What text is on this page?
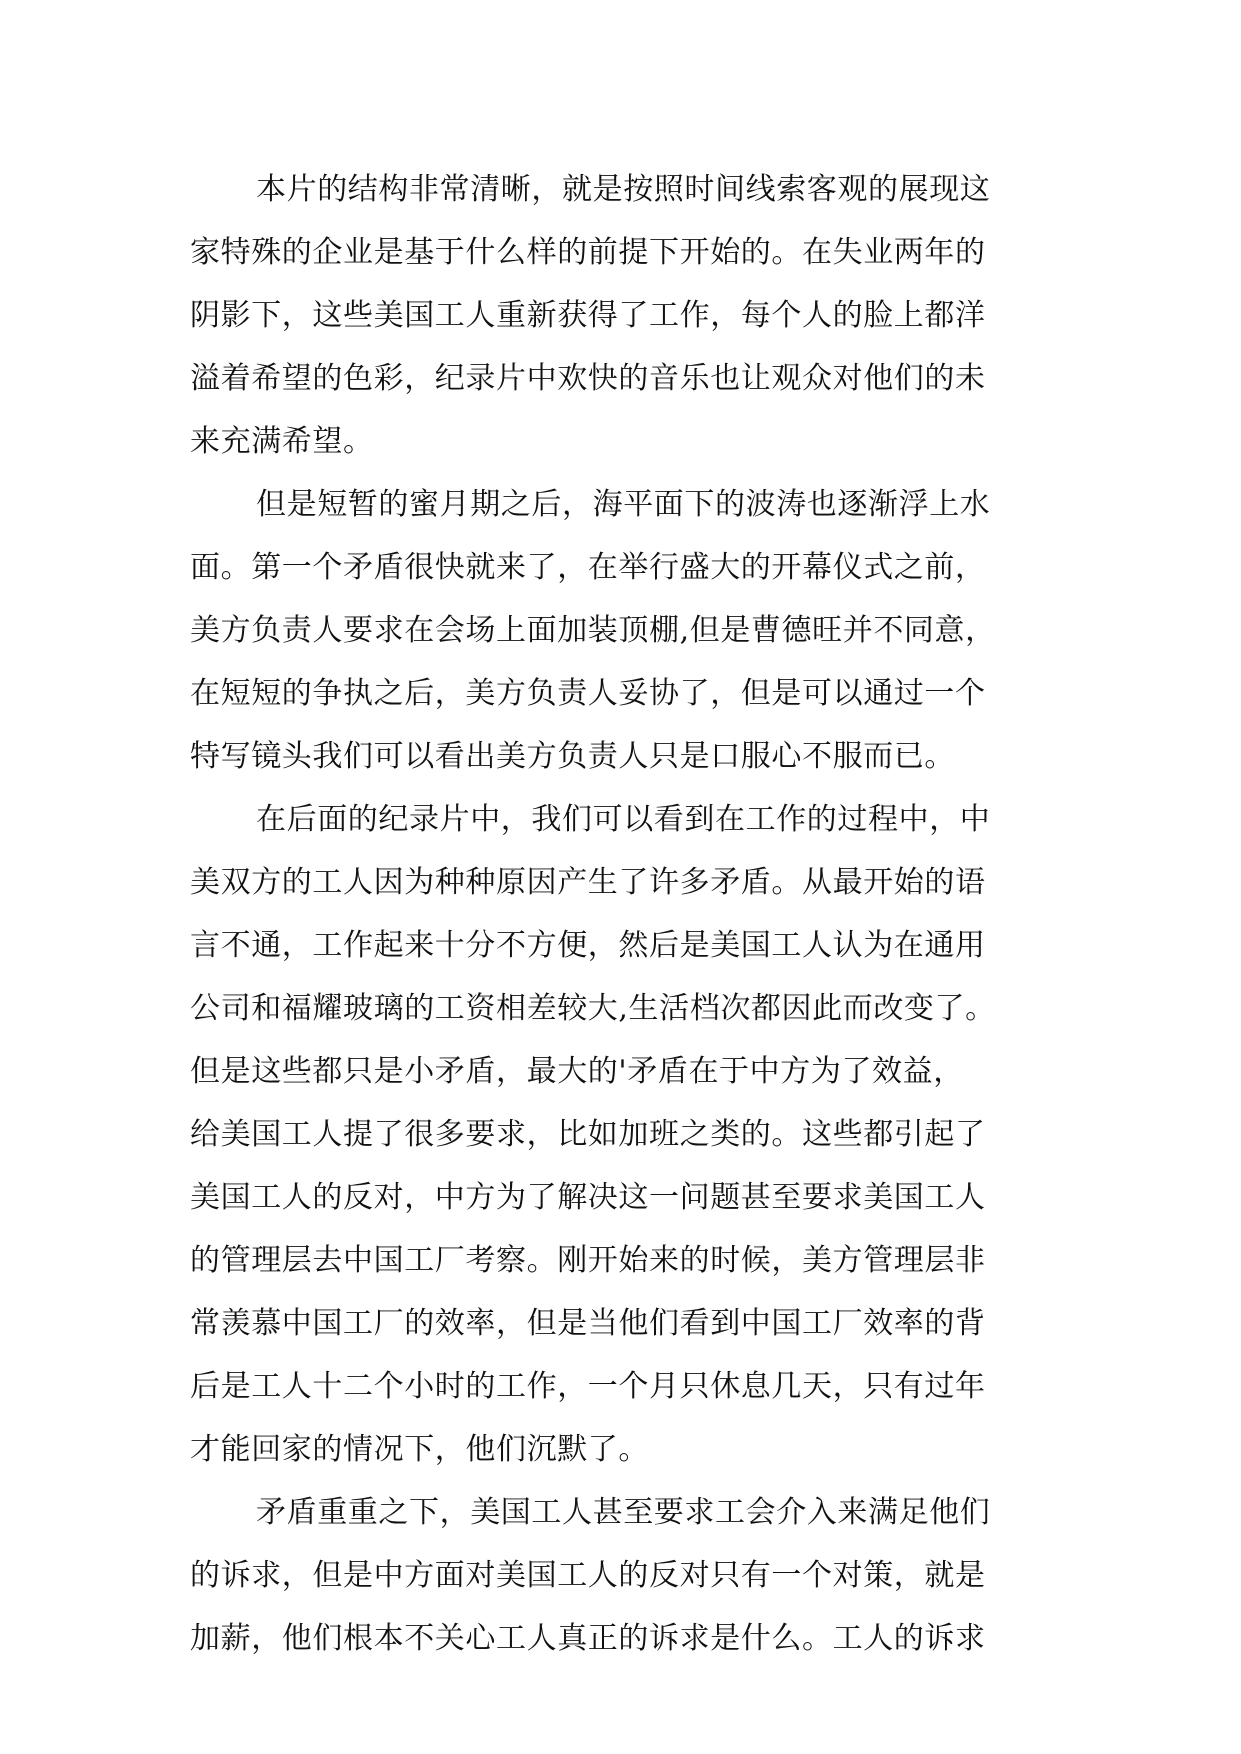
本片的结构非常清晰，就是按照时间线索客观的展现这
家特殊的企业是基于什么样的前提下开始的。在失业两年的
阴影下，这些美国工人重新获得了工作，每个人的脸上都洋
溢着希望的色彩，纪录片中欢快的音乐也让观众对他们的未
来充满希望。
但是短暂的蜜月期之后，海平面下的波涛也逐渐浮上水
面。第一个矛盾很快就来了，在举行盛大的开幕仪式之前，
美方负责人要求在会场上面加装顶棚,但是曹德旺并不同意，
在短短的争执之后，美方负责人妥协了，但是可以通过一个
特写镜头我们可以看出美方负责人只是口服心不服而已。
在后面的纪录片中，我们可以看到在工作的过程中，中
美双方的工人因为种种原因产生了许多矛盾。从最开始的语
言不通，工作起来十分不方便，然后是美国工人认为在通用
公司和福耀玻璃的工资相差较大,生活档次都因此而改变了。
但是这些都只是小矛盾，最大的'矛盾在于中方为了效益，
给美国工人提了很多要求，比如加班之类的。这些都引起了
美国工人的反对，中方为了解决这一问题甚至要求美国工人
的管理层去中国工厂考察。刚开始来的时候，美方管理层非
常羡慕中国工厂的效率，但是当他们看到中国工厂效率的背
后是工人十二个小时的工作，一个月只休息几天，只有过年
才能回家的情况下，他们沉默了。
矛盾重重之下，美国工人甚至要求工会介入来满足他们
的诉求，但是中方面对美国工人的反对只有一个对策，就是
加薪，他们根本不关心工人真正的诉求是什么。工人的诉求
